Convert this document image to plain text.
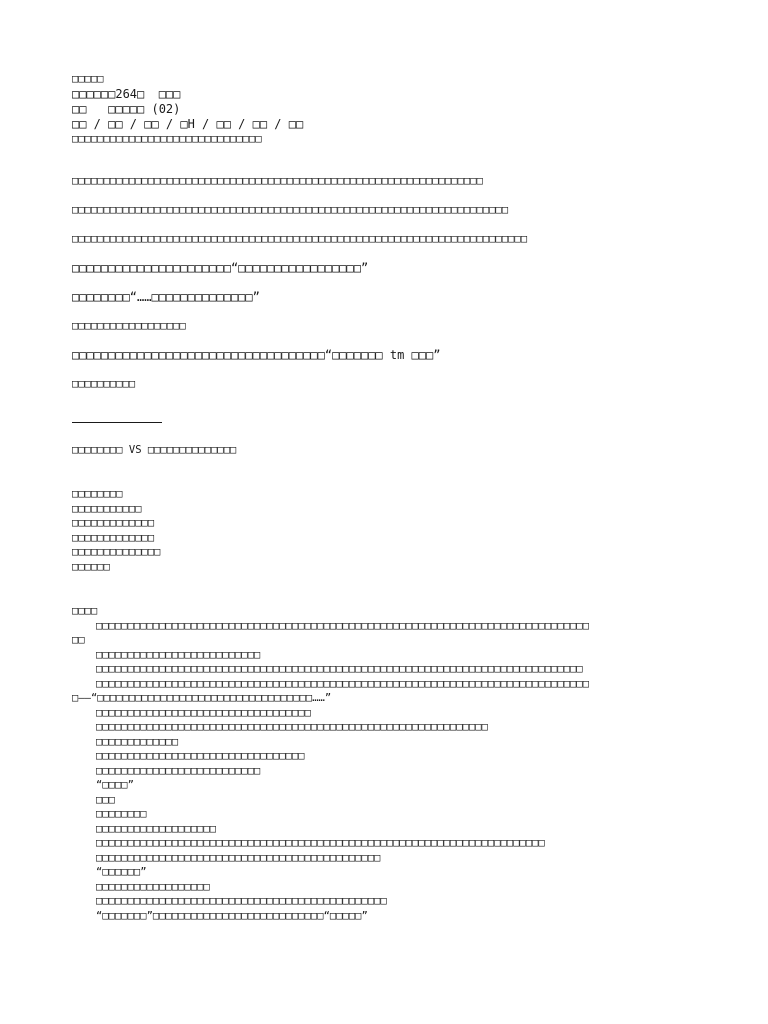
□□□□□
□□□□□□264□  □□□
□□   □□□□□ (02)
□□ / □□ / □□ / □H / □□ / □□ / □□
□□□□□□□□□□□□□□□□□□□□□□□□□□□□□□
□□□□□□□□□□□□□□□□□□□□□□□□□□□□□□□□□□□□□□□□□□□□□□□□□□□□□□□□□□□□□□□□□
□□□□□□□□□□□□□□□□□□□□□□□□□□□□□□□□□□□□□□□□□□□□□□□□□□□□□□□□□□□□□□□□□□□□□
□□□□□□□□□□□□□□□□□□□□□□□□□□□□□□□□□□□□□□□□□□□□□□□□□□□□□□□□□□□□□□□□□□□□□□□□
□□□□□□□□□□□□□□□□□□□□□□“□□□□□□□□□□□□□□□□□”
□□□□□□□□“……□□□□□□□□□□□□□□”
□□□□□□□□□□□□□□□□□□
□□□□□□□□□□□□□□□□□□□□□□□□□□□□□□□□□□□“□□□□□□□ tm □□□”
□□□□□□□□□□
□□□□□□□□ VS □□□□□□□□□□□□□□
□□□□□□□□
□□□□□□□□□□□
□□□□□□□□□□□□□
□□□□□□□□□□□□□
□□□□□□□□□□□□□□
□□□□□□
□□□□
□□□□□□□□□□□□□□□□□□□□□□□□□□□□□□□□□□□□□□□□□□□□□□□□□□□□□□□□□□□□□□□□□□□□□□□□□□□□□□
□□
□□□□□□□□□□□□□□□□□□□□□□□□□□
□□□□□□□□□□□□□□□□□□□□□□□□□□□□□□□□□□□□□□□□□□□□□□□□□□□□□□□□□□□□□□□□□□□□□□□□□□□□□
□□□□□□□□□□□□□□□□□□□□□□□□□□□□□□□□□□□□□□□□□□□□□□□□□□□□□□□□□□□□□□□□□□□□□□□□□□□□□□
□——“□□□□□□□□□□□□□□□□□□□□□□□□□□□□□□□□□□……”
□□□□□□□□□□□□□□□□□□□□□□□□□□□□□□□□□□
□□□□□□□□□□□□□□□□□□□□□□□□□□□□□□□□□□□□□□□□□□□□□□□□□□□□□□□□□□□□□□
□□□□□□□□□□□□□
□□□□□□□□□□□□□□□□□□□□□□□□□□□□□□□□□
□□□□□□□□□□□□□□□□□□□□□□□□□□
“□□□□”
□□□
□□□□□□□□
□□□□□□□□□□□□□□□□□□□
□□□□□□□□□□□□□□□□□□□□□□□□□□□□□□□□□□□□□□□□□□□□□□□□□□□□□□□□□□□□□□□□□□□□□□□
□□□□□□□□□□□□□□□□□□□□□□□□□□□□□□□□□□□□□□□□□□□□□
“□□□□□□”
□□□□□□□□□□□□□□□□□□
□□□□□□□□□□□□□□□□□□□□□□□□□□□□□□□□□□□□□□□□□□□□□□
“□□□□□□□”□□□□□□□□□□□□□□□□□□□□□□□□□□□“□□□□□”
